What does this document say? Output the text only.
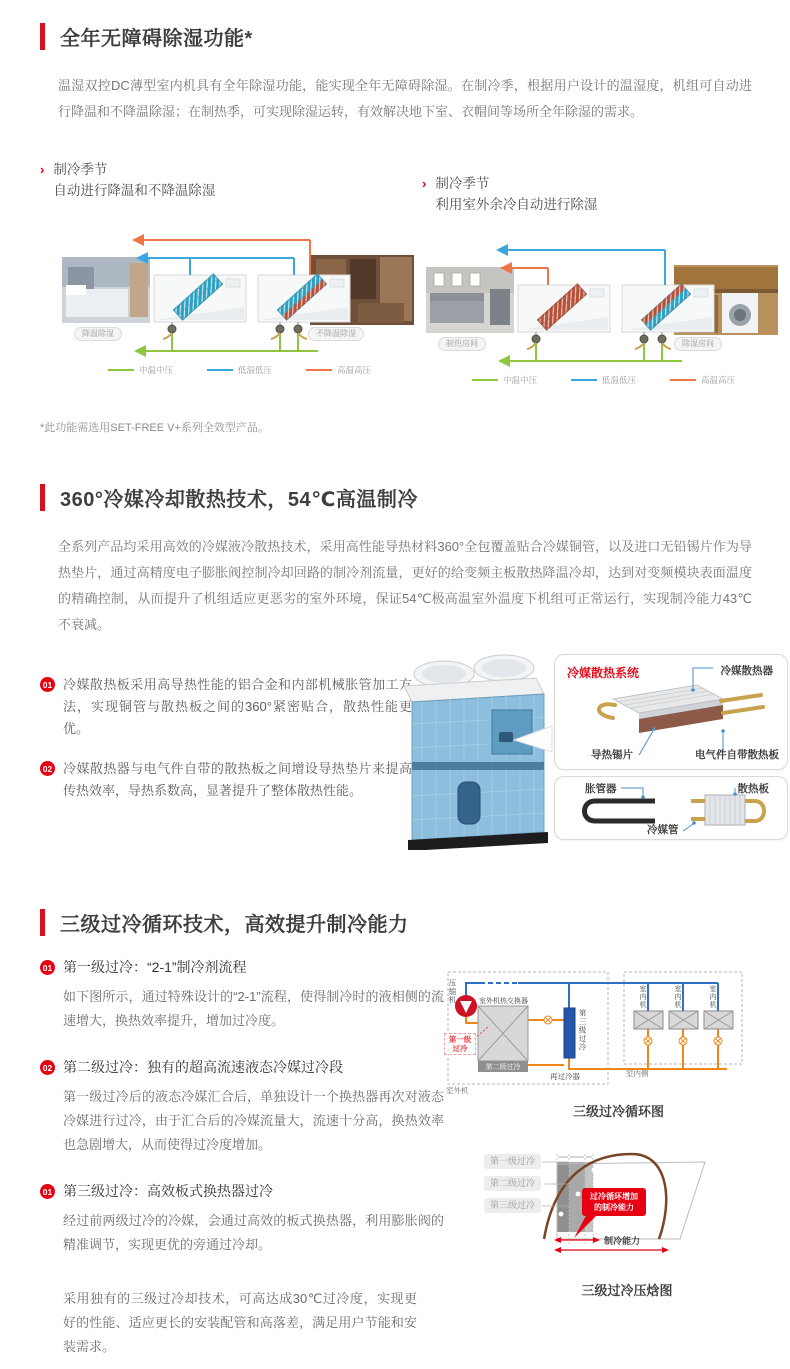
全年无障碍除湿功能*

温湿双控DC薄型室内机具有全年除湿功能，能实现全年无障碍除湿。在制冷季，根据用户设计的温湿度，机组可自动进行降温和不降温除湿；在制热季，可实现除湿运转，有效解决地下室、衣帽间等场所全年除湿的需求。

› 制冷季节
自动进行降温和不降温除湿
降温除湿	不降温除湿
中温中压	低温低压	高温高压
› 制冷季节
利用室外余冷自动进行除湿
制热房间	除湿房间
中温中压	低温低压	高温高压

*此功能需选用SET-FREE V+系列全效型产品。

360°冷媒冷却散热技术，54℃高温制冷

全系列产品均采用高效的冷媒液冷散热技术，采用高性能导热材料360°全包覆盖贴合冷媒铜管，以及进口无铅锡片作为导热垫片，通过高精度电子膨胀阀控制冷却回路的制冷剂流量，更好的给变频主板散热降温冷却，达到对变频模块表面温度的精确控制，从而提升了机组适应更恶劣的室外环境，保证54℃极高温室外温度下机组可正常运行，实现制冷能力43℃不衰减。

01 冷媒散热板采用高导热性能的铝合金和内部机械胀管加工方法，实现铜管与散热板之间的360°紧密贴合，散热性能更优。

02 冷媒散热器与电气件自带的散热板之间增设导热垫片来提高传热效率，导热系数高，显著提升了整体散热性能。

冷媒散热系统	冷媒散热器
导热锡片	电气件自带散热板
胀管器	散热板
冷媒管
三级过冷循环技术，高效提升制冷能力
01 第一级过冷：“2-1”制冷剂流程
如下图所示，通过特殊设计的“2-1”流程，使得制冷时的液相侧的流速增大，换热效率提升，增加过冷度。
02 第二级过冷：独有的超高流速液态冷媒过冷段
第一级过冷后的液态冷媒汇合后，单独设计一个换热器再次对液态冷媒进行过冷，由于汇合后的冷媒流量大，流速十分高，换热效率也急剧增大，从而使得过冷度增加。
01 第三级过冷：高效板式换热器过冷
经过前两级过冷的冷媒，会通过高效的板式换热器，利用膨胀阀的精准调节，实现更优的旁通过冷却。

采用独有的三级过冷却技术，可高达成30℃过冷度，实现更好的性能、适应更长的安装配管和高落差，满足用户节能和安装需求。

压缩机	室外机热交换器
第一级过冷
第二级过冷
第三级过冷
再过冷器
室内机	室内机	室内机
室内侧
室外机
三级过冷循环图
第一级过冷
第二级过冷
第三级过冷
过冷循环增加
的制冷能力
制冷能力
三级过冷压焓图
